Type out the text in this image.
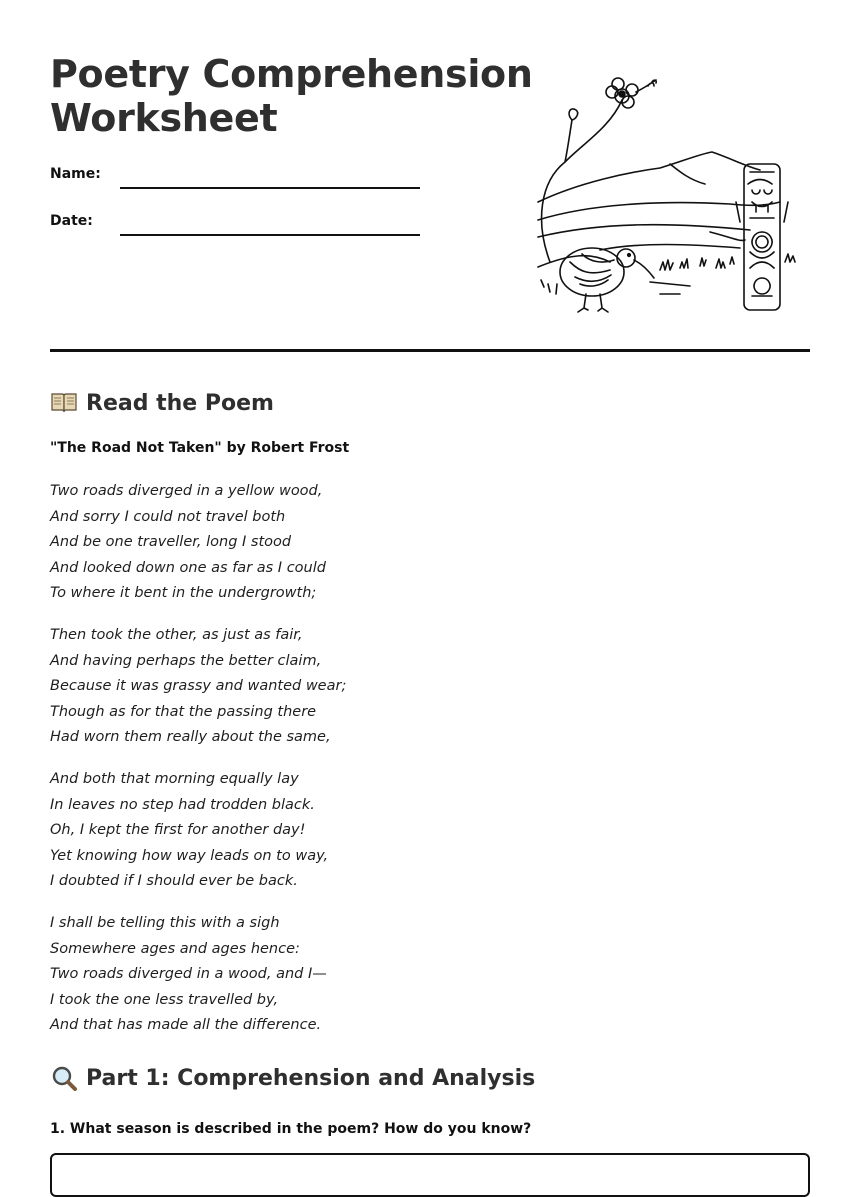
Poetry Comprehension
Worksheet
Name:
Date:
Read the Poem
"The Road Not Taken" by Robert Frost
Two roads diverged in a yellow wood,
And sorry I could not travel both
And be one traveller, long I stood
And looked down one as far as I could
To where it bent in the undergrowth;
Then took the other, as just as fair,
And having perhaps the better claim,
Because it was grassy and wanted wear;
Though as for that the passing there
Had worn them really about the same,
And both that morning equally lay
In leaves no step had trodden black.
Oh, I kept the first for another day!
Yet knowing how way leads on to way,
I doubted if I should ever be back.
I shall be telling this with a sigh
Somewhere ages and ages hence:
Two roads diverged in a wood, and I—
I took the one less travelled by,
And that has made all the difference.
Part 1: Comprehension and Analysis
1. What season is described in the poem? How do you know?
